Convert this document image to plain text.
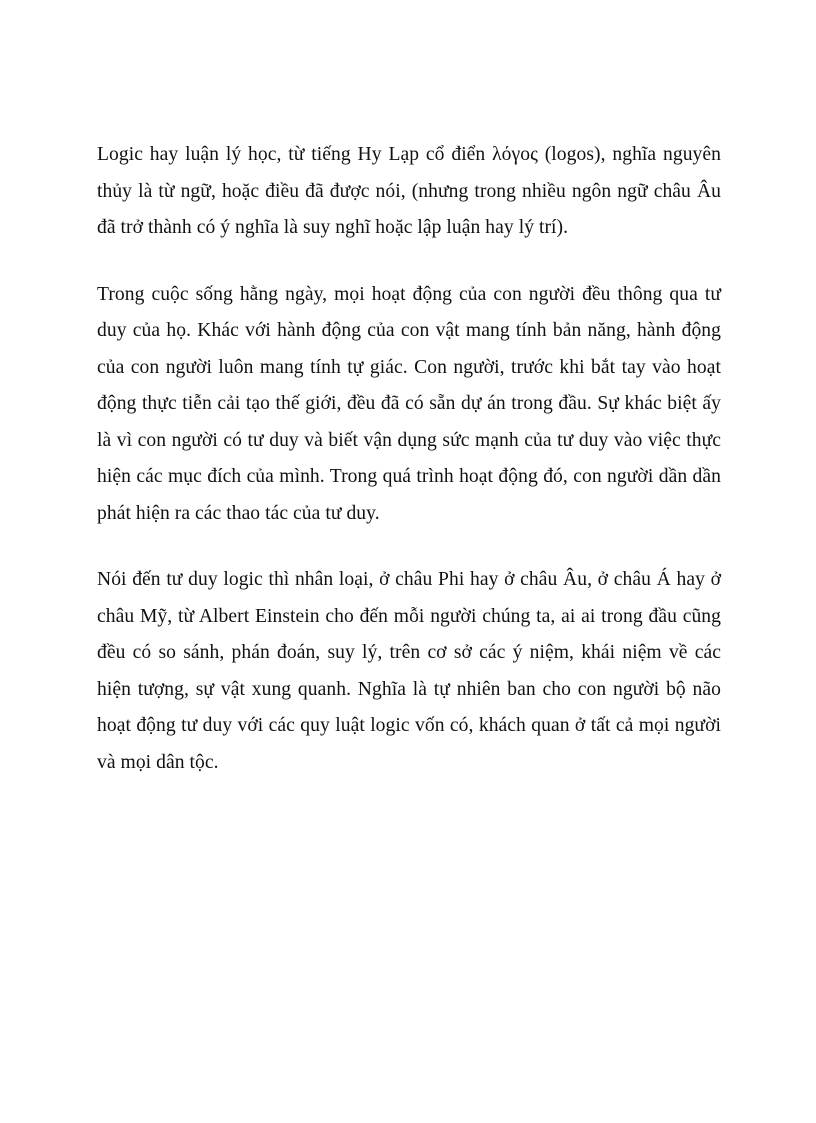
Logic hay luận lý học, từ tiếng Hy Lạp cổ điển λόγος (logos), nghĩa nguyên thủy là từ ngữ, hoặc điều đã được nói, (nhưng trong nhiều ngôn ngữ châu Âu đã trở thành có ý nghĩa là suy nghĩ hoặc lập luận hay lý trí).

Trong cuộc sống hằng ngày, mọi hoạt động của con người đều thông qua tư duy của họ. Khác với hành động của con vật mang tính bản năng, hành động của con người luôn mang tính tự giác. Con người, trước khi bắt tay vào hoạt động thực tiễn cải tạo thế giới, đều đã có sẵn dự án trong đầu. Sự khác biệt ấy là vì con người có tư duy và biết vận dụng sức mạnh của tư duy vào việc thực hiện các mục đích của mình. Trong quá trình hoạt động đó, con người dần dần phát hiện ra các thao tác của tư duy.

Nói đến tư duy logic thì nhân loại, ở châu Phi hay ở châu Âu, ở châu Á hay ở châu Mỹ, từ Albert Einstein cho đến mỗi người chúng ta, ai ai trong đầu cũng đều có so sánh, phán đoán, suy lý, trên cơ sở các ý niệm, khái niệm về các hiện tượng, sự vật xung quanh. Nghĩa là tự nhiên ban cho con người bộ não hoạt động tư duy với các quy luật logic vốn có, khách quan ở tất cả mọi người và mọi dân tộc.
